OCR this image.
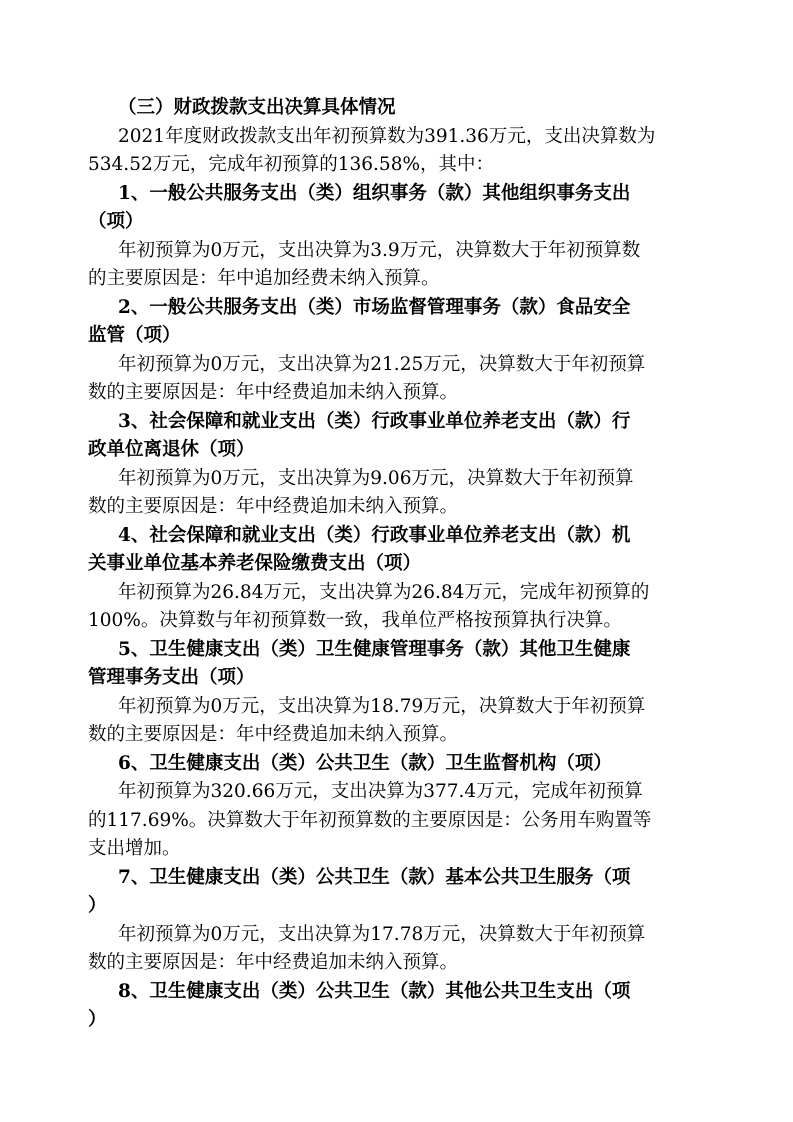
（三）财政拨款支出决算具体情况
2021年度财政拨款支出年初预算数为391.36万元，支出决算数为
534.52万元，完成年初预算的136.58%，其中：
1、一般公共服务支出（类）组织事务（款）其他组织事务支出
（项）
年初预算为0万元，支出决算为3.9万元，决算数大于年初预算数
的主要原因是：年中追加经费未纳入预算。
2、一般公共服务支出（类）市场监督管理事务（款）食品安全
监管（项）
年初预算为0万元，支出决算为21.25万元，决算数大于年初预算
数的主要原因是：年中经费追加未纳入预算。
3、社会保障和就业支出（类）行政事业单位养老支出（款）行
政单位离退休（项）
年初预算为0万元，支出决算为9.06万元，决算数大于年初预算
数的主要原因是：年中经费追加未纳入预算。
4、社会保障和就业支出（类）行政事业单位养老支出（款）机
关事业单位基本养老保险缴费支出（项）
年初预算为26.84万元，支出决算为26.84万元，完成年初预算的
100%。决算数与年初预算数一致，我单位严格按预算执行决算。
5、卫生健康支出（类）卫生健康管理事务（款）其他卫生健康
管理事务支出（项）
年初预算为0万元，支出决算为18.79万元，决算数大于年初预算
数的主要原因是：年中经费追加未纳入预算。
6、卫生健康支出（类）公共卫生（款）卫生监督机构（项）
年初预算为320.66万元，支出决算为377.4万元，完成年初预算
的117.69%。决算数大于年初预算数的主要原因是：公务用车购置等
支出增加。
7、卫生健康支出（类）公共卫生（款）基本公共卫生服务（项
）
年初预算为0万元，支出决算为17.78万元，决算数大于年初预算
数的主要原因是：年中经费追加未纳入预算。
8、卫生健康支出（类）公共卫生（款）其他公共卫生支出（项
）
